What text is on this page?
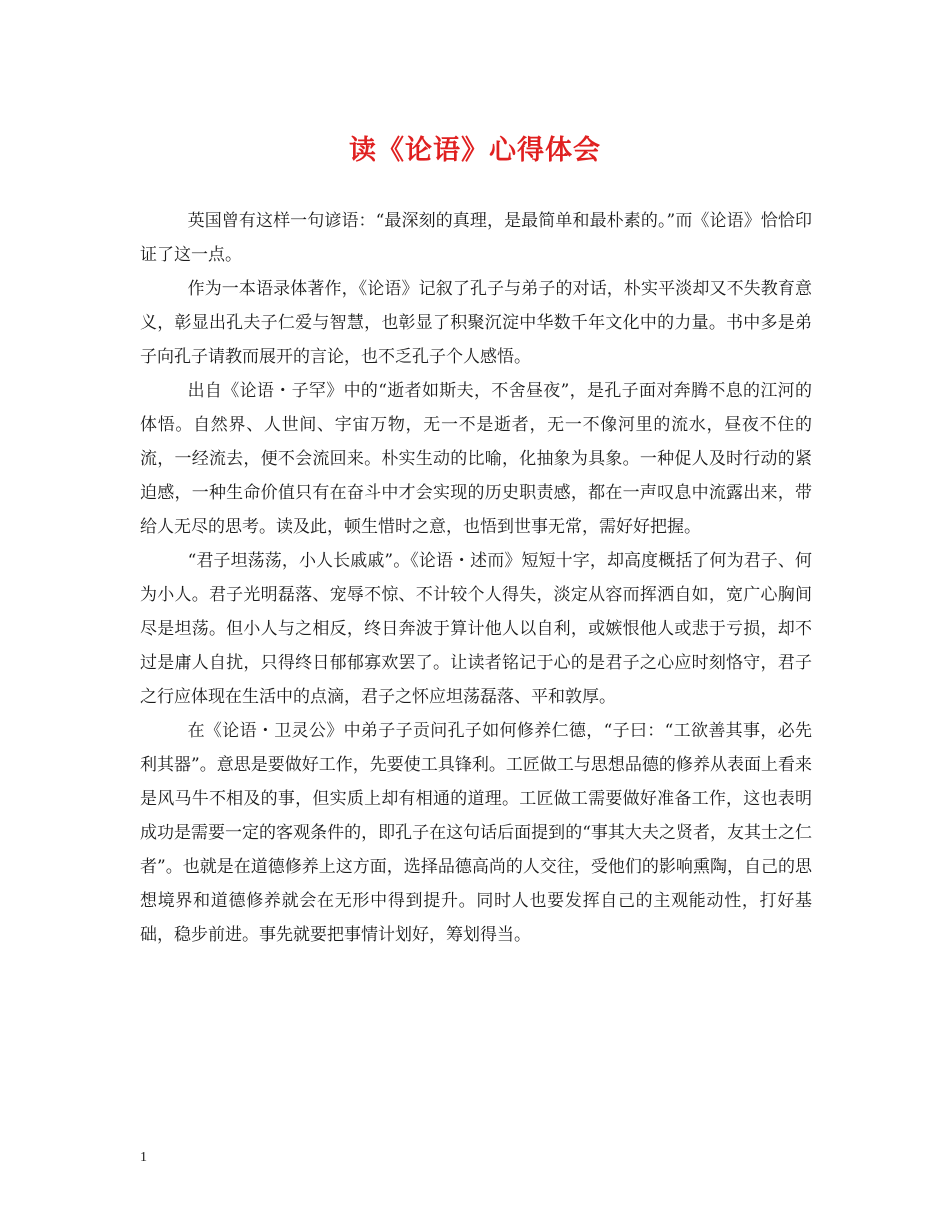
读《论语》心得体会

英国曾有这样一句谚语：“最深刻的真理，是最简单和最朴素的。”而《论语》恰恰印证了这一点。

作为一本语录体著作，《论语》记叙了孔子与弟子的对话，朴实平淡却又不失教育意义，彰显出孔夫子仁爱与智慧，也彰显了积聚沉淀中华数千年文化中的力量。书中多是弟子向孔子请教而展开的言论，也不乏孔子个人感悟。

出自《论语・子罕》中的“逝者如斯夫，不舍昼夜”，是孔子面对奔腾不息的江河的体悟。自然界、人世间、宇宙万物，无一不是逝者，无一不像河里的流水，昼夜不住的流，一经流去，便不会流回来。朴实生动的比喻，化抽象为具象。一种促人及时行动的紧迫感，一种生命价值只有在奋斗中才会实现的历史职责感，都在一声叹息中流露出来，带给人无尽的思考。读及此，顿生惜时之意，也悟到世事无常，需好好把握。

“君子坦荡荡，小人长戚戚”。《论语・述而》短短十字，却高度概括了何为君子、何为小人。君子光明磊落、宠辱不惊、不计较个人得失，淡定从容而挥洒自如，宽广心胸间尽是坦荡。但小人与之相反，终日奔波于算计他人以自利，或嫉恨他人或悲于亏损，却不过是庸人自扰，只得终日郁郁寡欢罢了。让读者铭记于心的是君子之心应时刻恪守，君子之行应体现在生活中的点滴，君子之怀应坦荡磊落、平和敦厚。

在《论语・卫灵公》中弟子子贡问孔子如何修养仁德，“子曰：“工欲善其事，必先利其器”。意思是要做好工作，先要使工具锋利。工匠做工与思想品德的修养从表面上看来是风马牛不相及的事，但实质上却有相通的道理。工匠做工需要做好准备工作，这也表明成功是需要一定的客观条件的，即孔子在这句话后面提到的“事其大夫之贤者，友其士之仁者”。也就是在道德修养上这方面，选择品德高尚的人交往，受他们的影响熏陶，自己的思想境界和道德修养就会在无形中得到提升。同时人也要发挥自己的主观能动性，打好基础，稳步前进。事先就要把事情计划好，筹划得当。

1
